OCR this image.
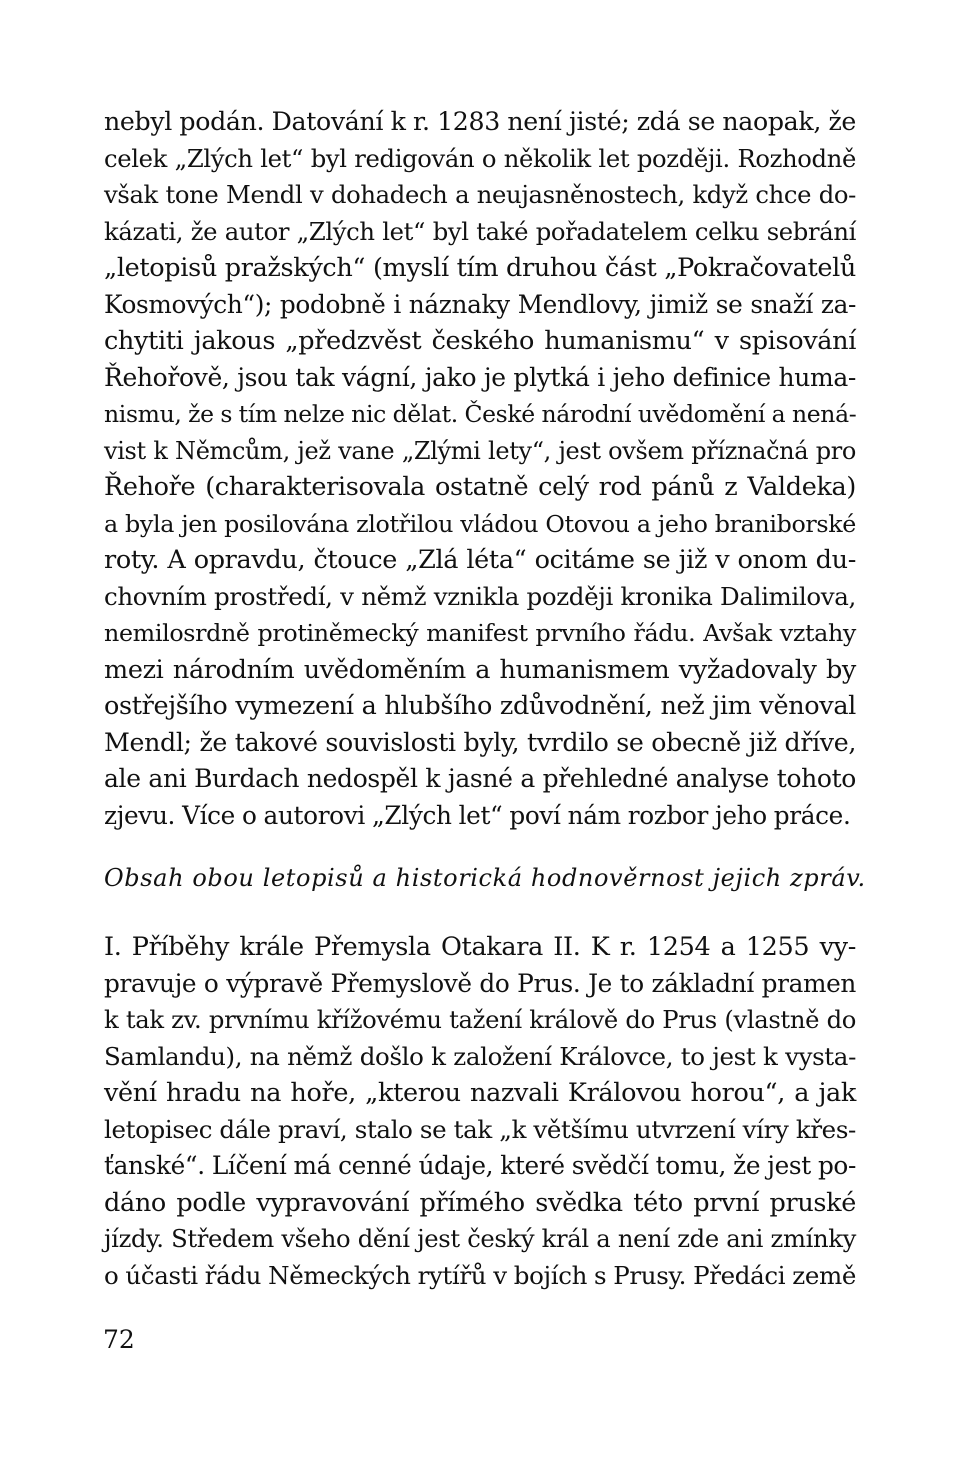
nebyl podán. Datování k r. 1283 není jisté; zdá se naopak, že
celek „Zlých let“ byl redigován o několik let později. Rozhodně
však tone Mendl v dohadech a neujasněnostech, když chce do-
kázati, že autor „Zlých let“ byl také pořadatelem celku sebrání
„letopisů pražských“ (myslí tím druhou část „Pokračovatelů
Kosmových“); podobně i náznaky Mendlovy, jimiž se snaží za-
chytiti jakous „předzvěst českého humanismu“ v spisování
Řehořově, jsou tak vágní, jako je plytká i jeho definice huma-
nismu, že s tím nelze nic dělat. České národní uvědomění a nená-
vist k Němcům, jež vane „Zlými lety“, jest ovšem příznačná pro
Řehoře (charakterisovala ostatně celý rod pánů z Valdeka)
a byla jen posilována zlotřilou vládou Otovou a jeho braniborské
roty. A opravdu, čtouce „Zlá léta“ ocitáme se již v onom du-
chovním prostředí, v němž vznikla později kronika Dalimilova,
nemilosrdně protiněmecký manifest prvního řádu. Avšak vztahy
mezi národním uvědoměním a humanismem vyžadovaly by
ostřejšího vymezení a hlubšího zdůvodnění, než jim věnoval
Mendl; že takové souvislosti byly, tvrdilo se obecně již dříve,
ale ani Burdach nedospěl k jasné a přehledné analyse tohoto
zjevu. Více o autorovi „Zlých let“ poví nám rozbor jeho práce.

Obsah obou letopisů a historická hodnověrnost jejich zpráv.

I. Příběhy krále Přemysla Otakara II. K r. 1254 a 1255 vy-
pravuje o výpravě Přemyslově do Prus. Je to základní pramen
k tak zv. prvnímu křížovému tažení králově do Prus (vlastně do
Samlandu), na němž došlo k založení Královce, to jest k vysta-
vění hradu na hoře, „kterou nazvali Královou horou“, a jak
letopisec dále praví, stalo se tak „k většímu utvrzení víry křes-
ťanské“. Líčení má cenné údaje, které svědčí tomu, že jest po-
dáno podle vypravování přímého svědka této první pruské
jízdy. Středem všeho dění jest český král a není zde ani zmínky
o účasti řádu Německých rytířů v bojích s Prusy. Předáci země

72
